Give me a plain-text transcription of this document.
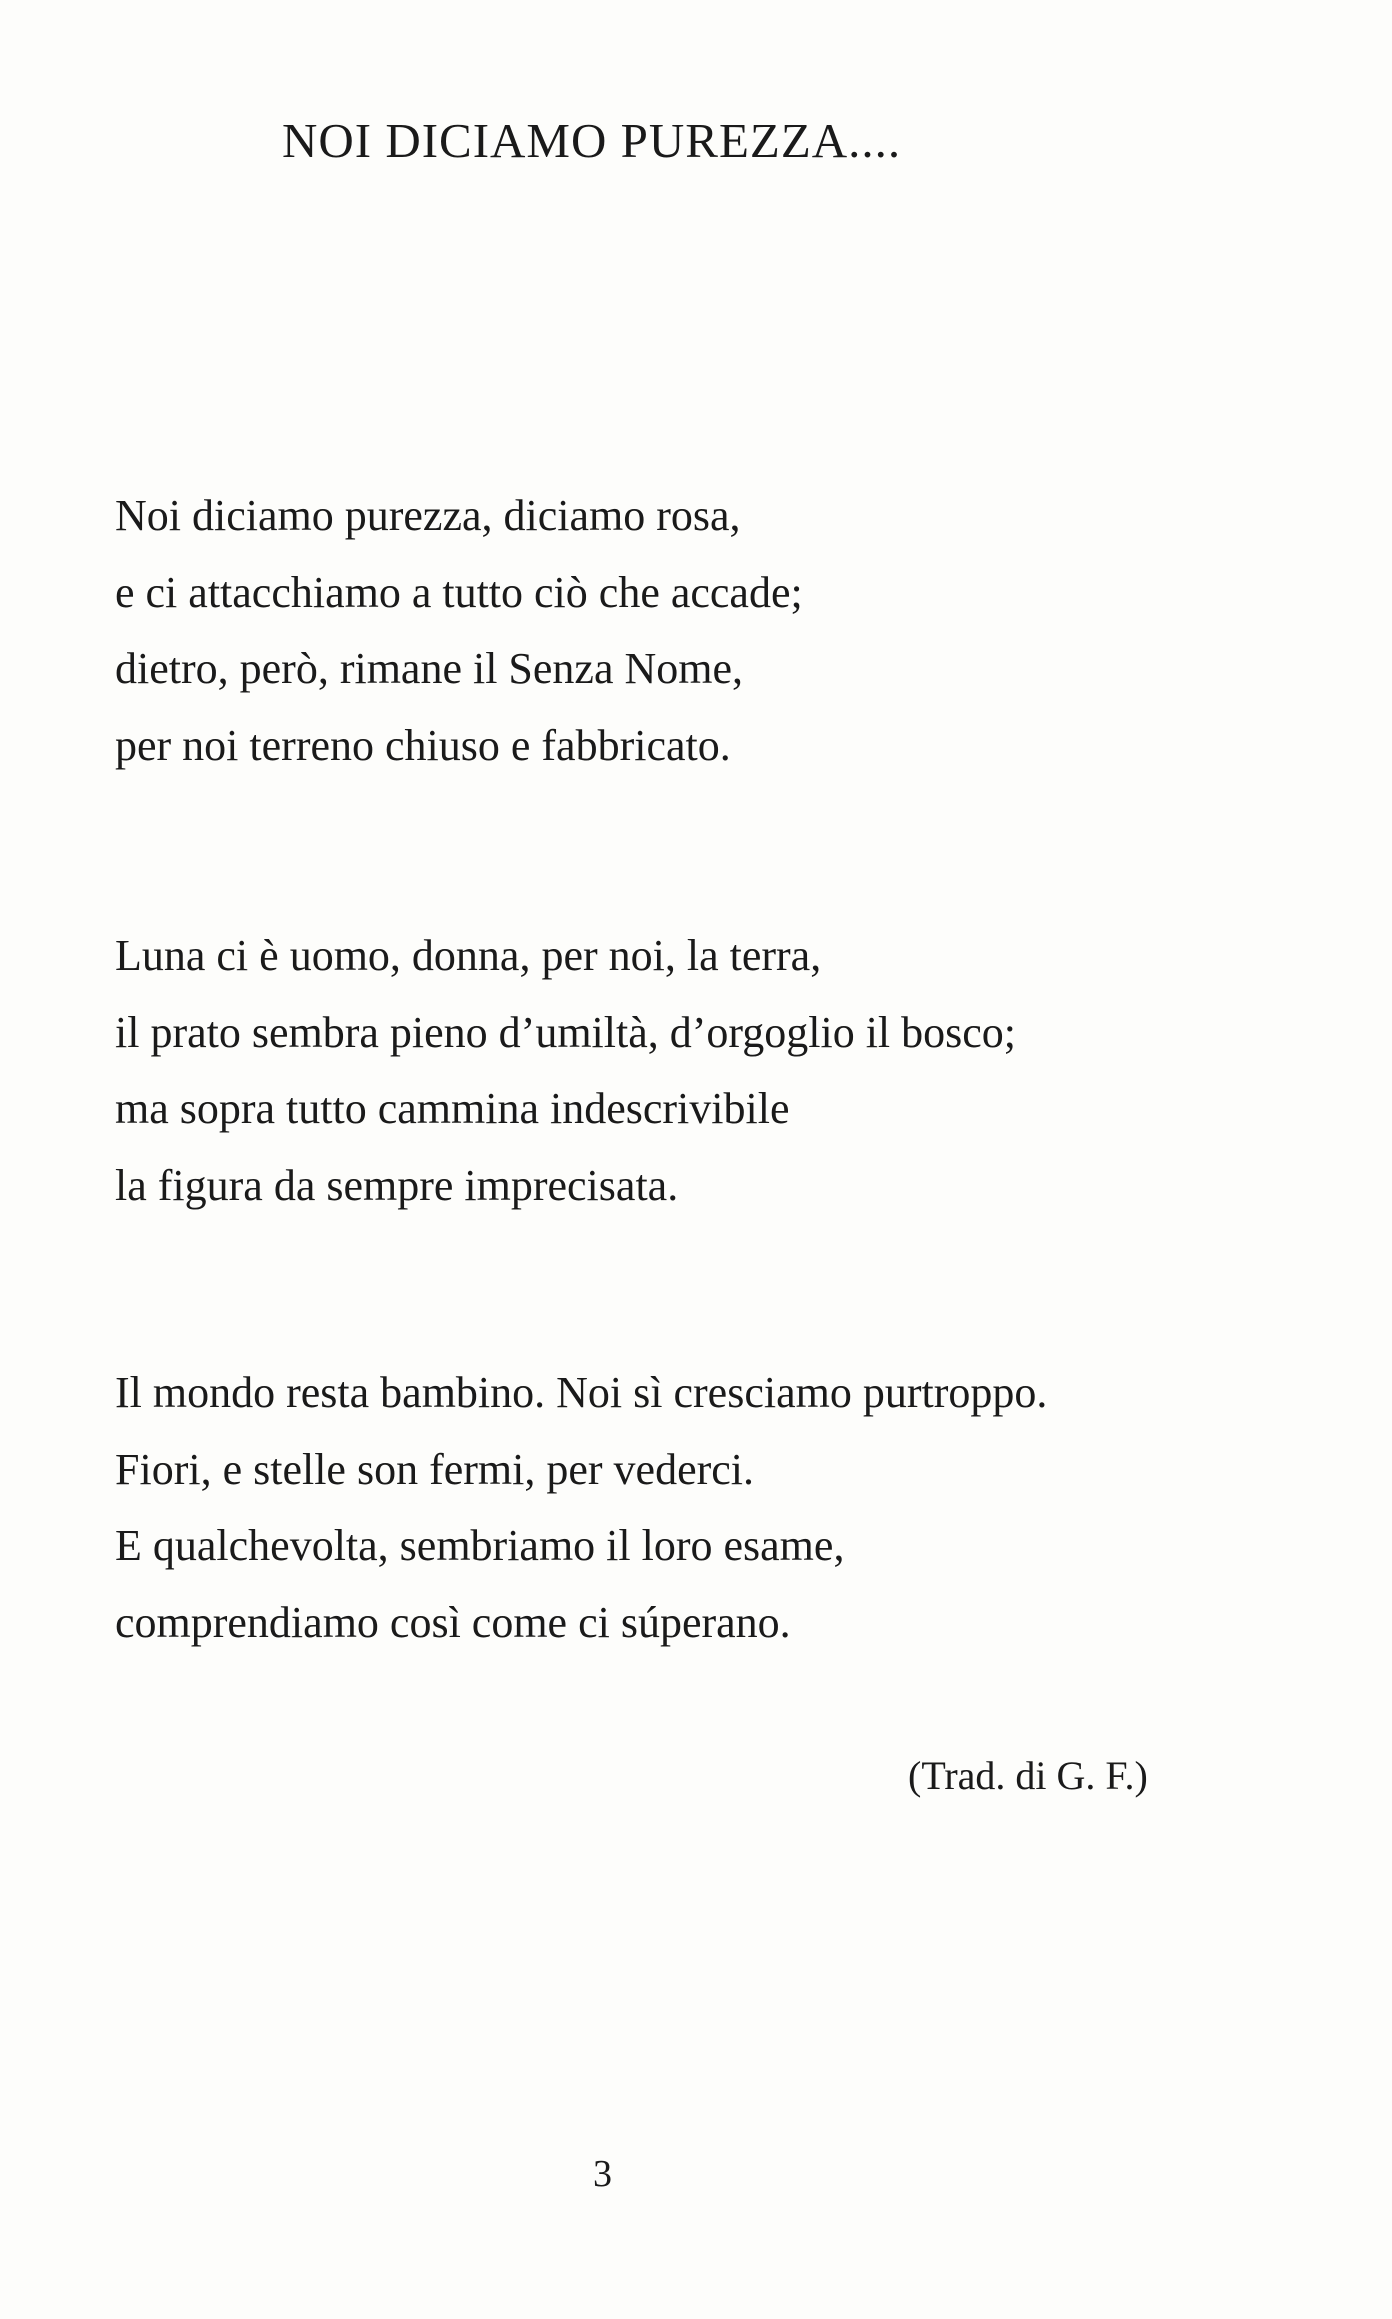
NOI DICIAMO PUREZZA....
Noi diciamo purezza, diciamo rosa,
e ci attacchiamo a tutto ciò che accade;
dietro, però, rimane il Senza Nome,
per noi terreno chiuso e fabbricato.
Luna ci è uomo, donna, per noi, la terra,
il prato sembra pieno d’umiltà, d’orgoglio il bosco;
ma sopra tutto cammina indescrivibile
la figura da sempre imprecisata.
Il mondo resta bambino. Noi sì cresciamo purtroppo.
Fiori, e stelle son fermi, per vederci.
E qualchevolta, sembriamo il loro esame,
comprendiamo così come ci súperano.
(Trad. di G. F.)
3
